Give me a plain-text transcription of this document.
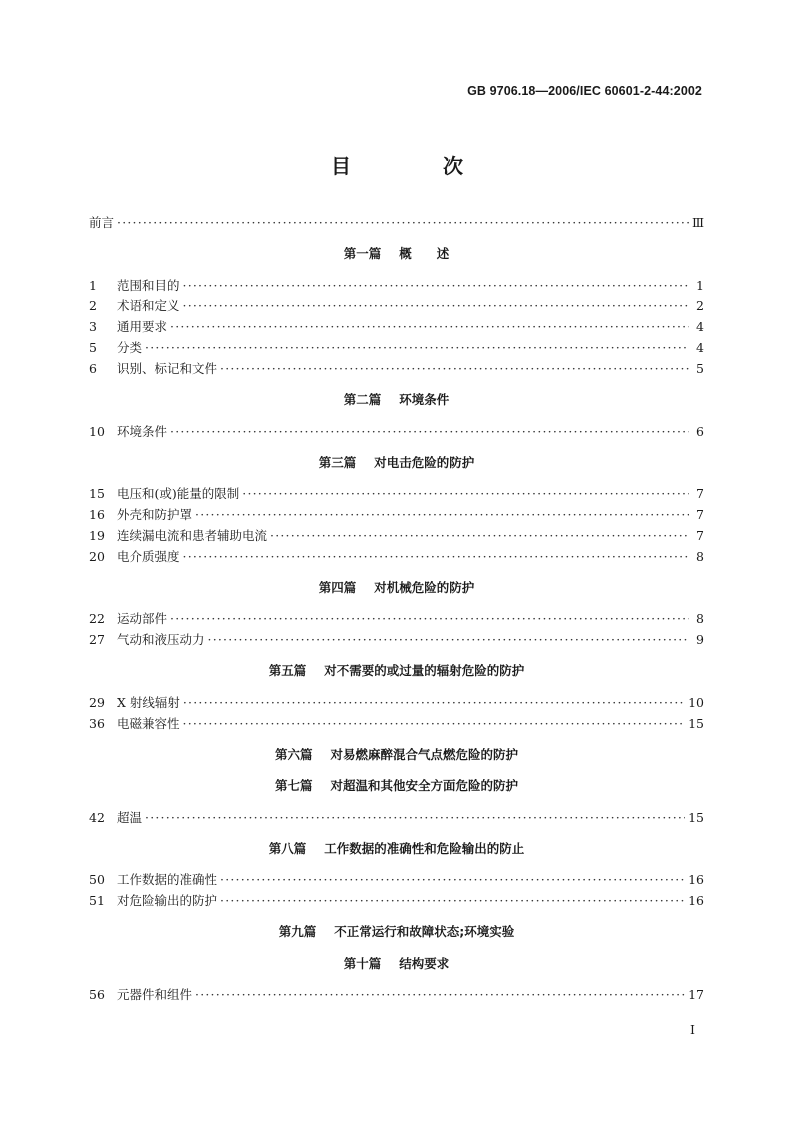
GB 9706.18—2006/IEC 60601-2-44:2002
目　次
前言 ·····	Ⅲ
第一篇 概　　述
1	范围和目的 ·····	1
2	术语和定义 ·····	2
3	通用要求 ·····	4
5	分类 ·····	4
6	识别、标记和文件 ·····	5
第二篇 环境条件
10 环境条件 ·····	6
第三篇 对电击危险的防护
15 电压和(或)能量的限制 ·····	7
16 外壳和防护罩 ·····	7
19 连续漏电流和患者辅助电流 ·····	7
20 电介质强度 ·····	8
第四篇 对机械危险的防护
22 运动部件 ·····	8
27 气动和液压动力 ·····	9
第五篇 对不需要的或过量的辐射危险的防护
29 X 射线辐射 ·····	10
36 电磁兼容性 ·····	15
第六篇 对易燃麻醉混合气点燃危险的防护
第七篇 对超温和其他安全方面危险的防护
42 超温 ·····	15
第八篇 工作数据的准确性和危险输出的防止
50 工作数据的准确性 ·····	16
51 对危险输出的防护 ·····	16
第九篇 不正常运行和故障状态;环境实验
第十篇 结构要求
56 元器件和组件 ·····	17
I
